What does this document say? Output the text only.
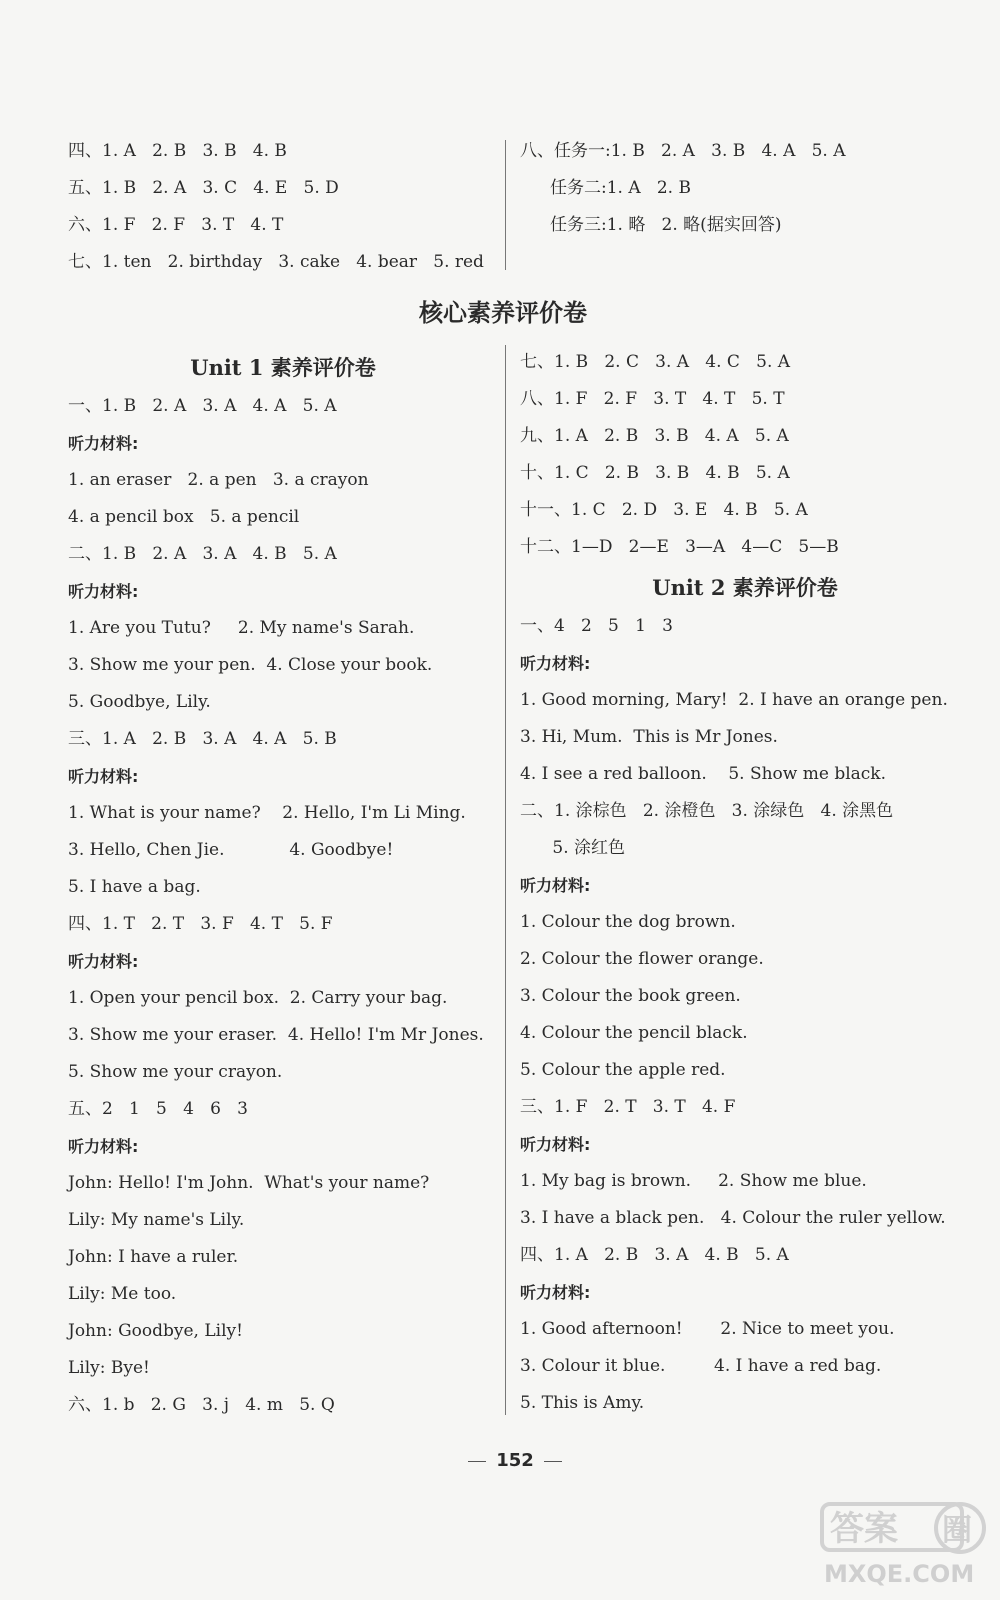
四、1. A   2. B   3. B   4. B
五、1. B   2. A   3. C   4. E   5. D
六、1. F   2. F   3. T   4. T
七、1. ten   2. birthday   3. cake   4. bear   5. red
八、任务一:1. B   2. A   3. B   4. A   5. A
任务二:1. A   2. B
任务三:1. 略   2. 略(据实回答)
核心素养评价卷
Unit 1 素养评价卷
一、1. B   2. A   3. A   4. A   5. A
听力材料:
1. an eraser   2. a pen   3. a crayon
4. a pencil box   5. a pencil
二、1. B   2. A   3. A   4. B   5. A
听力材料:
1. Are you Tutu?     2. My name's Sarah.
3. Show me your pen.  4. Close your book.
5. Goodbye, Lily.
三、1. A   2. B   3. A   4. A   5. B
听力材料:
1. What is your name?    2. Hello, I'm Li Ming.
3. Hello, Chen Jie.            4. Goodbye!
5. I have a bag.
四、1. T   2. T   3. F   4. T   5. F
听力材料:
1. Open your pencil box.  2. Carry your bag.
3. Show me your eraser.  4. Hello! I'm Mr Jones.
5. Show me your crayon.
五、2   1   5   4   6   3
听力材料:
John: Hello! I'm John.  What's your name?
Lily: My name's Lily.
John: I have a ruler.
Lily: Me too.
John: Goodbye, Lily!
Lily: Bye!
六、1. b   2. G   3. j   4. m   5. Q
七、1. B   2. C   3. A   4. C   5. A
八、1. F   2. F   3. T   4. T   5. T
九、1. A   2. B   3. B   4. A   5. A
十、1. C   2. B   3. B   4. B   5. A
十一、1. C   2. D   3. E   4. B   5. A
十二、1—D   2—E   3—A   4—C   5—B
Unit 2 素养评价卷
一、4   2   5   1   3
听力材料:
1. Good morning, Mary!  2. I have an orange pen.
3. Hi, Mum.  This is Mr Jones.
4. I see a red balloon.    5. Show me black.
二、1. 涂棕色   2. 涂橙色   3. 涂绿色   4. 涂黑色
5. 涂红色
听力材料:
1. Colour the dog brown.
2. Colour the flower orange.
3. Colour the book green.
4. Colour the pencil black.
5. Colour the apple red.
三、1. F   2. T   3. T   4. F
听力材料:
1. My bag is brown.     2. Show me blue.
3. I have a black pen.   4. Colour the ruler yellow.
四、1. A   2. B   3. A   4. B   5. A
听力材料:
1. Good afternoon!       2. Nice to meet you.
3. Colour it blue.         4. I have a red bag.
5. This is Amy.
152
答案 圈
MXQE.COM
